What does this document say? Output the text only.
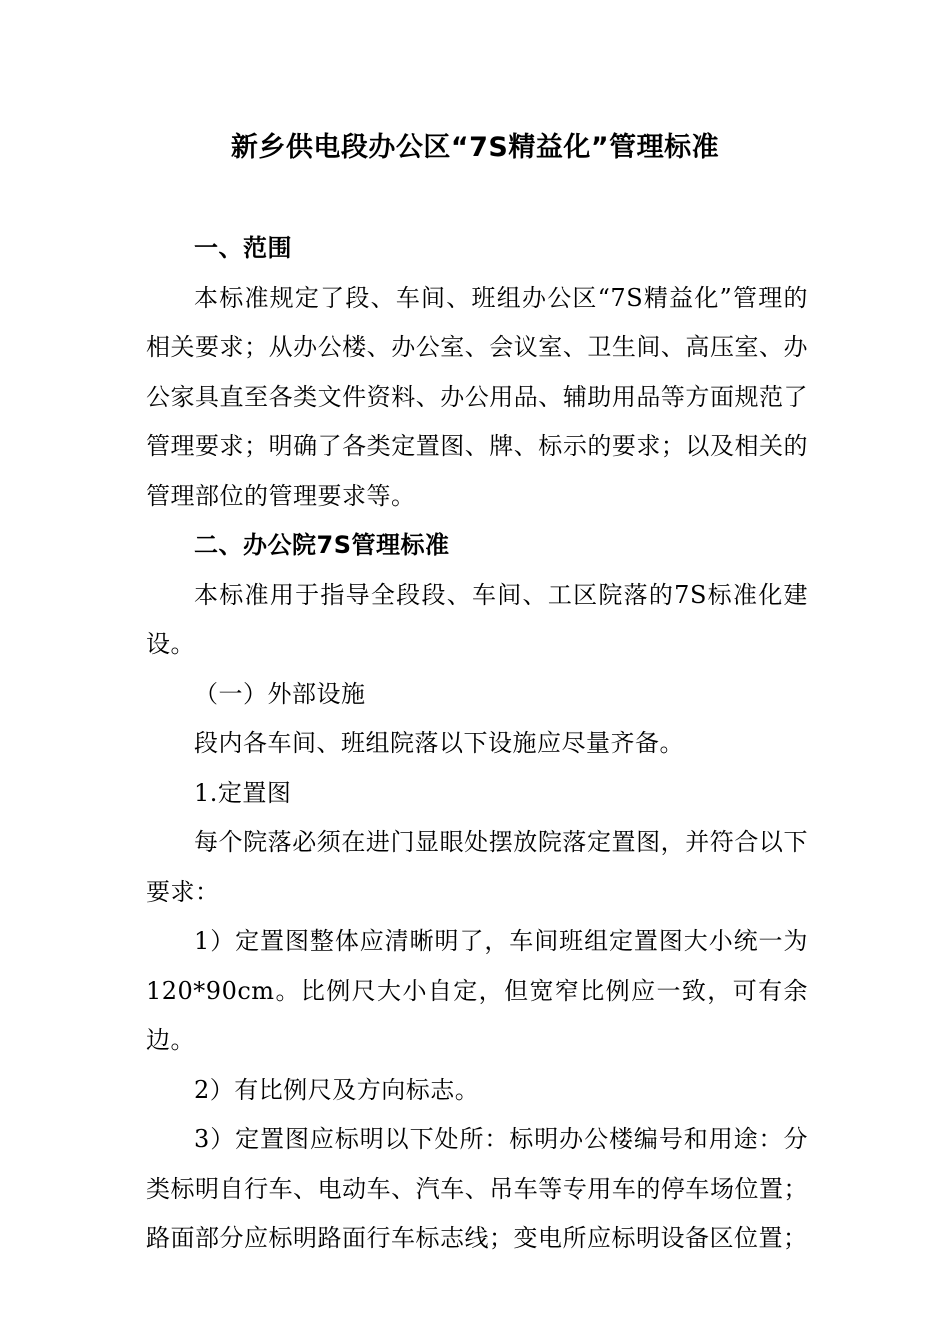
新乡供电段办公区“7S精益化”管理标准

一、范围

本标准规定了段、车间、班组办公区“7S精益化”管理的相关要求；从办公楼、办公室、会议室、卫生间、高压室、办公家具直至各类文件资料、办公用品、辅助用品等方面规范了管理要求；明确了各类定置图、牌、标示的要求；以及相关的管理部位的管理要求等。

二、办公院7S管理标准

本标准用于指导全段段、车间、工区院落的7S标准化建设。

（一）外部设施

段内各车间、班组院落以下设施应尽量齐备。

1.定置图

每个院落必须在进门显眼处摆放院落定置图，并符合以下要求：

1）定置图整体应清晰明了，车间班组定置图大小统一为120*90cm。比例尺大小自定，但宽窄比例应一致，可有余边。

2）有比例尺及方向标志。

3）定置图应标明以下处所：标明办公楼编号和用途：分类标明自行车、电动车、汽车、吊车等专用车的停车场位置；路面部分应标明路面行车标志线；变电所应标明设备区位置；
